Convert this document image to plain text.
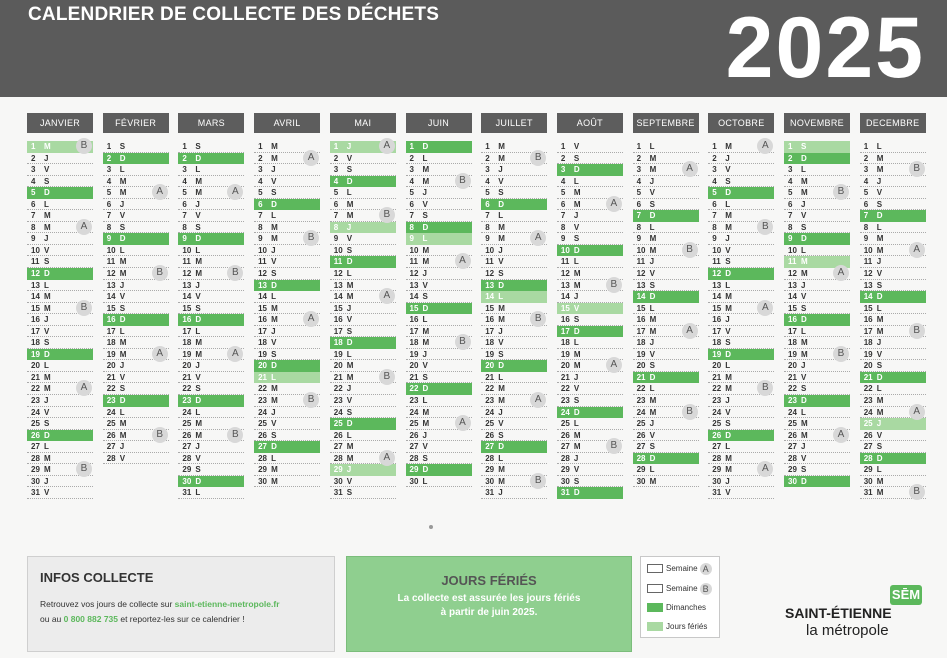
CALENDRIER DE COLLECTE DES DÉCHETS	2025
JANVIER
1 M	B
2 J
3 V
4 S
5 D
6 L
7 M
8 M	A
9 J
10 V
11 S
12 D
13 L
14 M
15 M	B
16 J
17 V
18 S
19 D
20 L
21 M
22 M	A
23 J
24 V
25 S
26 D
27 L
28 M
29 M	B
30 J
31 V
FÉVRIER
1 S
2 D
3 L
4 M
5 M	A
6 J
7 V
8 S
9 D
10 L
11 M
12 M	B
13 J
14 V
15 S
16 D
17 L
18 M
19 M	A
20 J
21 V
22 S
23 D
24 L
25 M
26 M	B
27 J
28 V
MARS
1 S
2 D
3 L
4 M
5 M	A
6 J
7 V
8 S
9 D
10 L
11 M
12 M	B
13 J
14 V
15 S
16 D
17 L
18 M
19 M	A
20 J
21 V
22 S
23 D
24 L
25 M
26 M	B
27 J
28 V
29 S
30 D
31 L
AVRIL
1 M
2 M	A
3 J
4 V
5 S
6 D
7 L
8 M
9 M	B
10 J
11 V
12 S
13 D
14 L
15 M
16 M	A
17 J
18 V
19 S
20 D
21 L
22 M
23 M	B
24 J
25 V
26 S
27 D
28 L
29 M
30 M
MAI
1 J	A
2 V
3 S
4 D
5 L
6 M
7 M	B
8 J
9 V
10 S
11 D
12 L
13 M
14 M	A
15 J
16 V
17 S
18 D
19 L
20 M
21 M	B
22 J
23 V
24 S
25 D
26 L
27 M
28 M	A
29 J
30 V
31 S
JUIN
1 D
2 L
3 M
4 M	B
5 J
6 V
7 S
8 D
9 L
10 M
11 M	A
12 J
13 V
14 S
15 D
16 L
17 M
18 M	B
19 J
20 V
21 S
22 D
23 L
24 M
25 M	A
26 J
27 V
28 S
29 D
30 L
JUILLET
1 M
2 M	B
3 J
4 V
5 S
6 D
7 L
8 M
9 M	A
10 J
11 V
12 S
13 D
14 L
15 M
16 M	B
17 J
18 V
19 S
20 D
21 L
22 M
23 M	A
24 J
25 V
26 S
27 D
28 L
29 M
30 M	B
31 J
AOÛT
1 V
2 S
3 D
4 L
5 M
6 M	A
7 J
8 V
9 S
10 D
11 L
12 M
13 M	B
14 J
15 V
16 S
17 D
18 L
19 M
20 M	A
21 J
22 V
23 S
24 D
25 L
26 M
27 M	B
28 J
29 V
30 S
31 D
SEPTEMBRE
1 L
2 M
3 M	A
4 J
5 V
6 S
7 D
8 L
9 M
10 M	B
11 J
12 V
13 S
14 D
15 L
16 M
17 M	A
18 J
19 V
20 S
21 D
22 L
23 M
24 M	B
25 J
26 V
27 S
28 D
29 L
30 M
OCTOBRE
1 M	A
2 J
3 V
4 S
5 D
6 L
7 M
8 M	B
9 J
10 V
11 S
12 D
13 L
14 M
15 M	A
16 J
17 V
18 S
19 D
20 L
21 M
22 M	B
23 J
24 V
25 S
26 D
27 L
28 M
29 M	A
30 J
31 V
NOVEMBRE
1 S
2 D
3 L
4 M
5 M	B
6 J
7 V
8 S
9 D
10 L
11 M
12 M	A
13 J
14 V
15 S
16 D
17 L
18 M
19 M	B
20 J
21 V
22 S
23 D
24 L
25 M
26 M	A
27 J
28 V
29 S
30 D
DECEMBRE
1 L
2 M
3 M	B
4 J
5 V
6 S
7 D
8 L
9 M
10 M	A
11 J
12 V
13 S
14 D
15 L
16 M
17 M	B
18 J
19 V
20 S
21 D
22 L
23 M
24 M	A
25 J
26 V
27 S
28 D
29 L
30 M
31 M	B
INFOS COLLECTE
Retrouvez vos jours de collecte sur saint-etienne-metropole.fr
ou au 0 800 882 735 et reportez-les sur ce calendrier !
JOURS FÉRIÉS
La collecte est assurée les jours fériés
à partir de juin 2025.
Semaine A
Semaine B
Dimanches
Jours fériés
SĒM
SAINT-ÉTIENNE
la métropole
